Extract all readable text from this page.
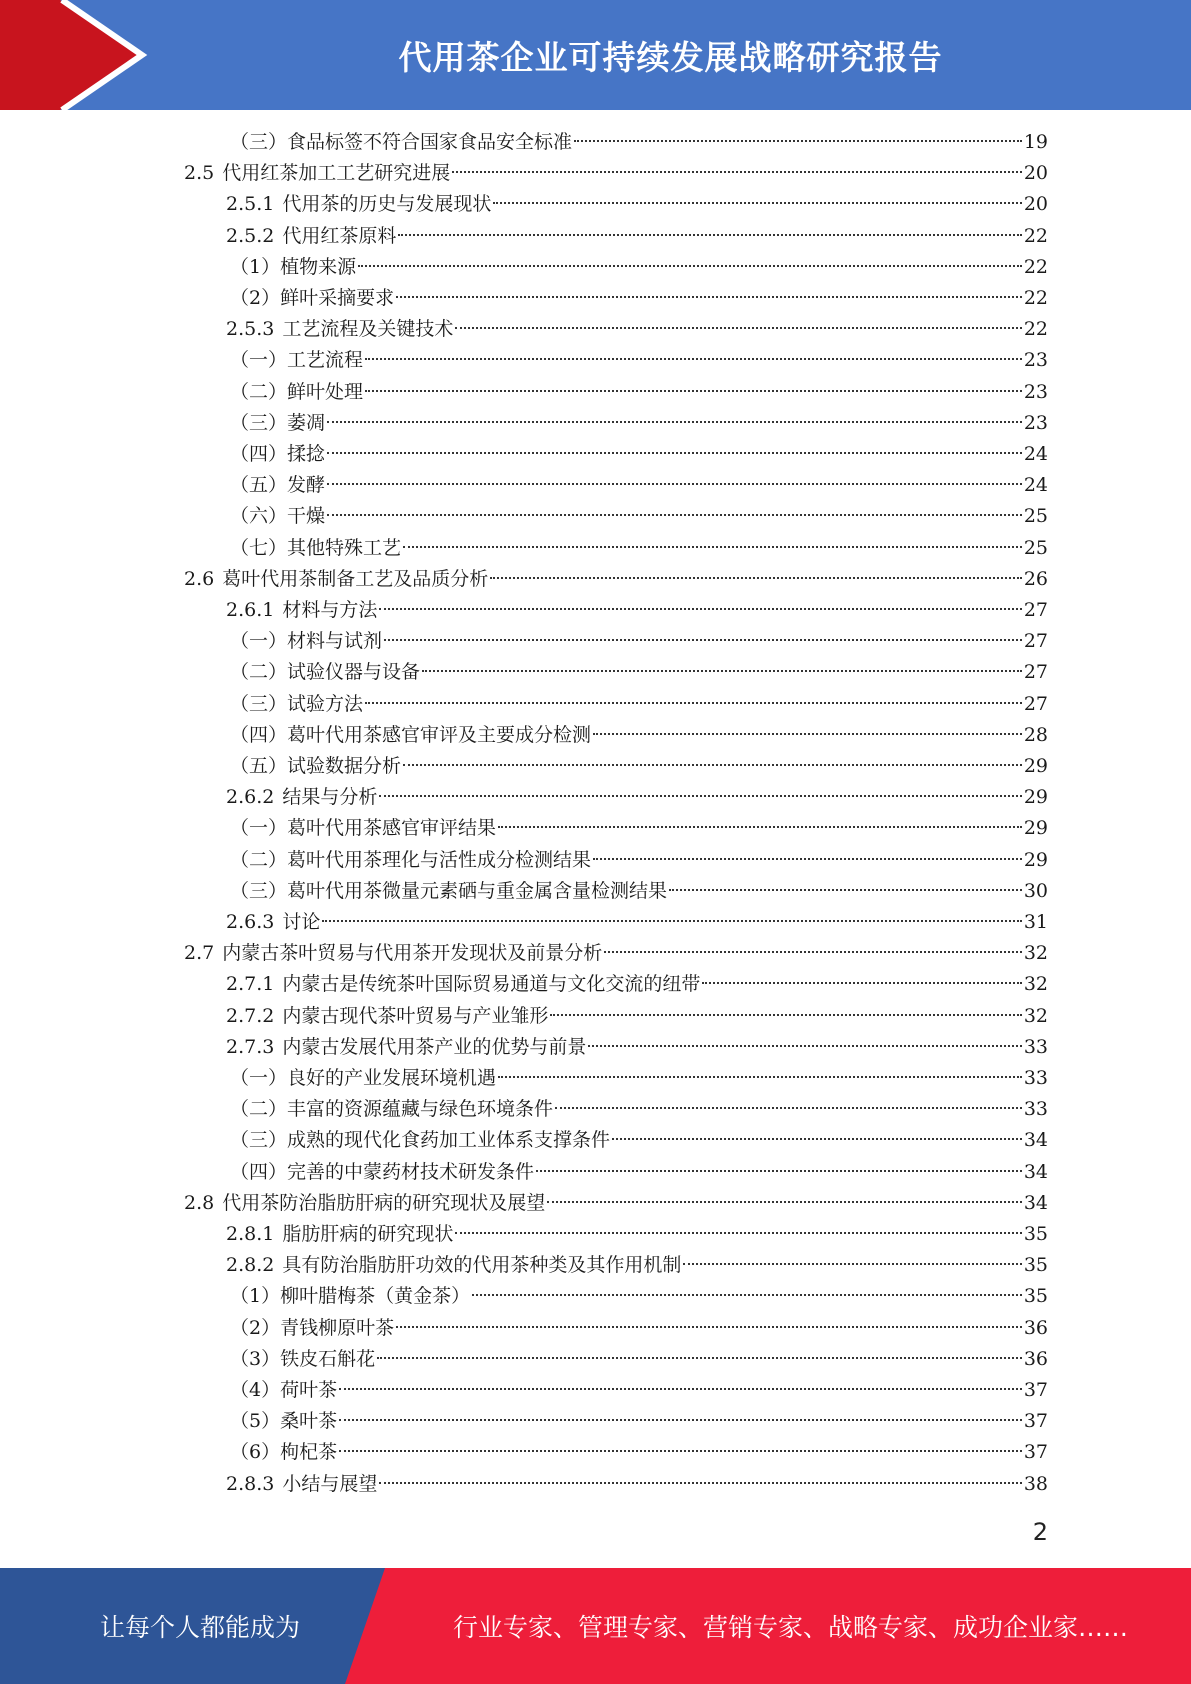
代用茶企业可持续发展战略研究报告
（三）食品标签不符合国家食品安全标准	19
2.5 代用红茶加工工艺研究进展	20
2.5.1 代用茶的历史与发展现状	20
2.5.2 代用红茶原料	22
（1）植物来源	22
（2）鲜叶采摘要求	22
2.5.3 工艺流程及关键技术	22
（一）工艺流程	23
（二）鲜叶处理	23
（三）萎凋	23
（四）揉捻	24
（五）发酵	24
（六）干燥	25
（七）其他特殊工艺	25
2.6 葛叶代用茶制备工艺及品质分析	26
2.6.1 材料与方法	27
（一）材料与试剂	27
（二）试验仪器与设备	27
（三）试验方法	27
（四）葛叶代用茶感官审评及主要成分检测	28
（五）试验数据分析	29
2.6.2 结果与分析	29
（一）葛叶代用茶感官审评结果	29
（二）葛叶代用茶理化与活性成分检测结果	29
（三）葛叶代用茶微量元素硒与重金属含量检测结果	30
2.6.3 讨论	31
2.7 内蒙古茶叶贸易与代用茶开发现状及前景分析	32
2.7.1 内蒙古是传统茶叶国际贸易通道与文化交流的纽带	32
2.7.2 内蒙古现代茶叶贸易与产业雏形	32
2.7.3 内蒙古发展代用茶产业的优势与前景	33
（一）良好的产业发展环境机遇	33
（二）丰富的资源蕴藏与绿色环境条件	33
（三）成熟的现代化食药加工业体系支撑条件	34
（四）完善的中蒙药材技术研发条件	34
2.8 代用茶防治脂肪肝病的研究现状及展望	34
2.8.1 脂肪肝病的研究现状	35
2.8.2 具有防治脂肪肝功效的代用茶种类及其作用机制	35
（1）柳叶腊梅茶（黄金茶）	35
（2）青钱柳原叶茶	36
（3）铁皮石斛花	36
（4）荷叶茶	37
（5）桑叶茶	37
（6）枸杞茶	37
2.8.3 小结与展望	38
2
让每个人都能成为	行业专家、管理专家、营销专家、战略专家、成功企业家……
